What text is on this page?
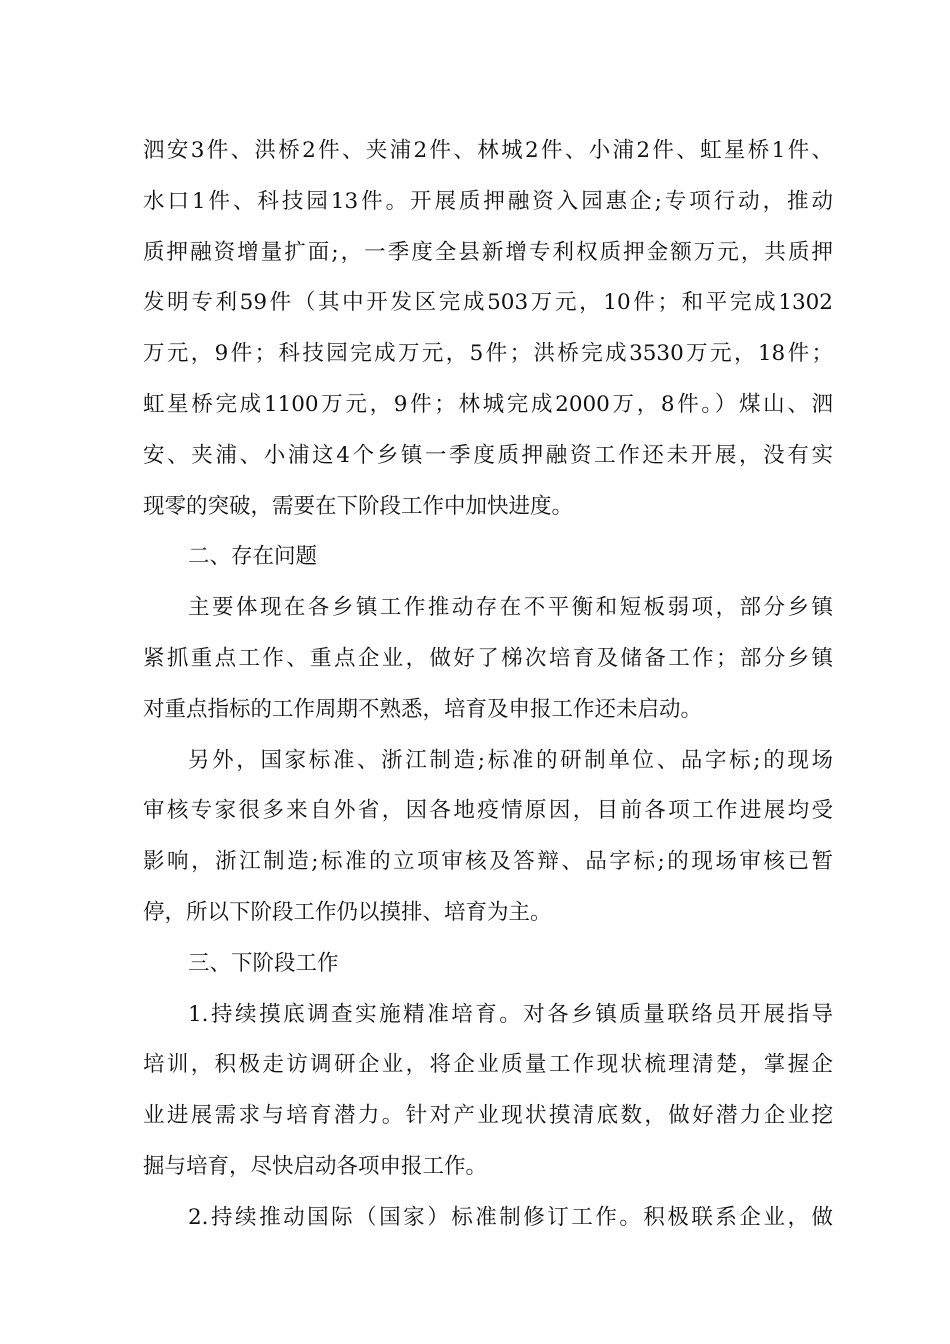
泗安3件、洪桥2件、夹浦2件、林城2件、小浦2件、虹星桥1件、
水口1件、科技园13件。开展质押融资入园惠企;专项行动，推动
质押融资增量扩面;，一季度全县新增专利权质押金额万元，共质押
发明专利59件（其中开发区完成503万元，10件；和平完成1302
万元，9件；科技园完成万元，5件；洪桥完成3530万元，18件；
虹星桥完成1100万元，9件；林城完成2000万，8件。）煤山、泗
安、夹浦、小浦这4个乡镇一季度质押融资工作还未开展，没有实
现零的突破，需要在下阶段工作中加快进度。
二、存在问题
主要体现在各乡镇工作推动存在不平衡和短板弱项，部分乡镇
紧抓重点工作、重点企业，做好了梯次培育及储备工作；部分乡镇
对重点指标的工作周期不熟悉，培育及申报工作还未启动。
另外，国家标准、浙江制造;标准的研制单位、品字标;的现场
审核专家很多来自外省，因各地疫情原因，目前各项工作进展均受
影响，浙江制造;标准的立项审核及答辩、品字标;的现场审核已暂
停，所以下阶段工作仍以摸排、培育为主。
三、下阶段工作
1.持续摸底调查实施精准培育。对各乡镇质量联络员开展指导
培训，积极走访调研企业，将企业质量工作现状梳理清楚，掌握企
业进展需求与培育潜力。针对产业现状摸清底数，做好潜力企业挖
掘与培育，尽快启动各项申报工作。
2.持续推动国际（国家）标准制修订工作。积极联系企业，做
